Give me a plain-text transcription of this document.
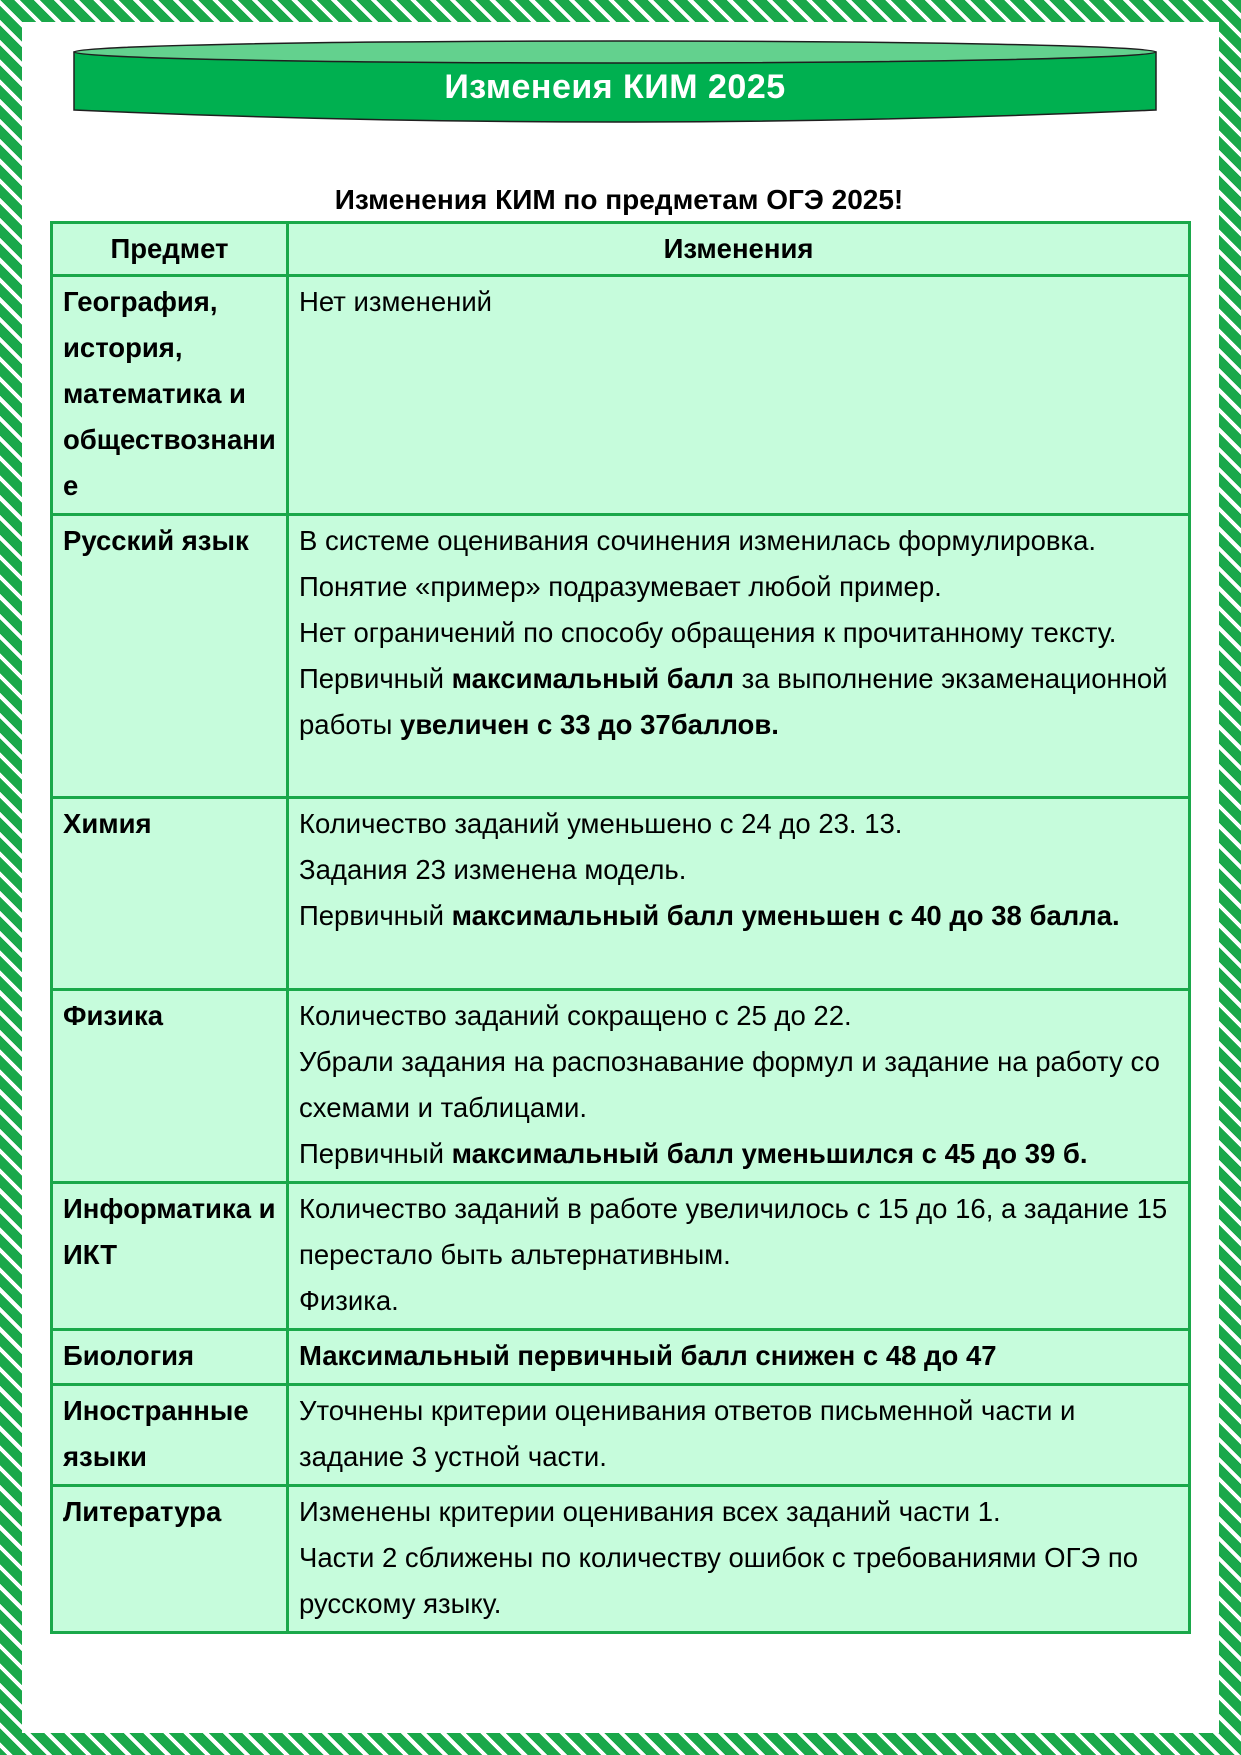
Изменеия КИМ 2025
Изменения КИМ по предметам ОГЭ 2025!
Предмет	Изменения
География, история, математика и обществознание	Нет изменений

Русский язык	В системе оценивания сочинения изменилась формулировка. Понятие «пример» подразумевает любой пример.
Нет ограничений по способу обращения к прочитанному тексту. Первичный максимальный балл за выполнение экзаменационной работы увеличен с 33 до 37баллов.

Химия	Количество заданий уменьшено с 24 до 23. 13.
Задания 23 изменена модель.
Первичный максимальный балл уменьшен с 40 до 38 балла.

Физика	Количество заданий сокращено с 25 до 22.
Убрали задания на распознавание формул и задание на работу со схемами и таблицами.
Первичный максимальный балл уменьшился с 45 до 39 б.

Информатика и ИКТ	Количество заданий в работе увеличилось с 15 до 16, а задание 15 перестало быть альтернативным.
Физика.

Биология	Максимальный первичный балл снижен с 48 до 47

Иностранные языки	Уточнены критерии оценивания ответов письменной части и задание 3 устной части.

Литература	Изменены критерии оценивания всех заданий части 1.
Части 2 сближены по количеству ошибок с требованиями ОГЭ по русскому языку.
